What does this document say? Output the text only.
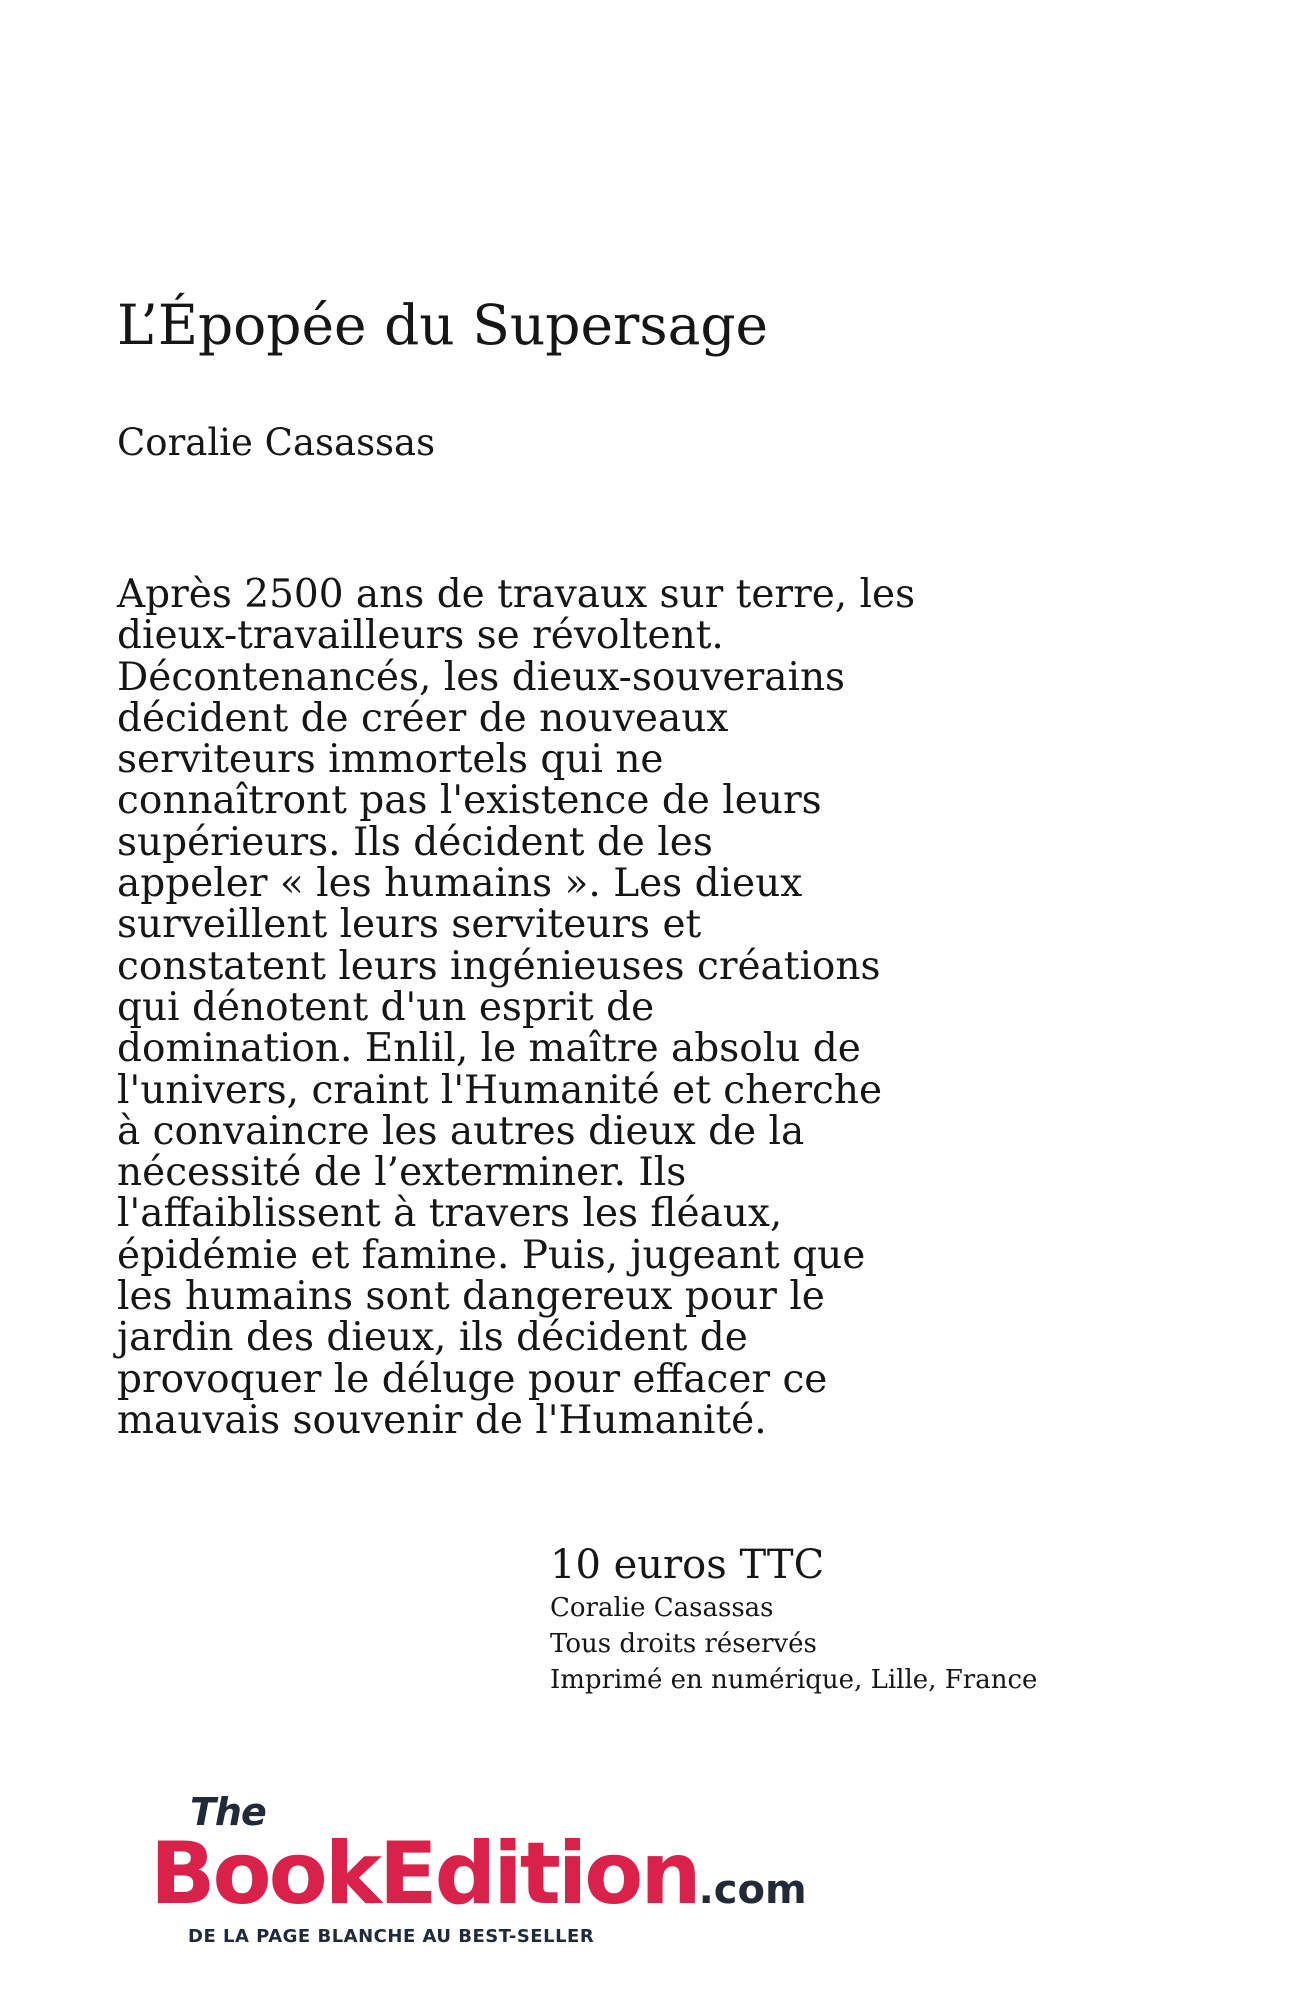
L’Épopée du Supersage
Coralie Casassas
Après 2500 ans de travaux sur terre, les
dieux-travailleurs se révoltent.
Décontenancés, les dieux-souverains
décident de créer de nouveaux
serviteurs immortels qui ne
connaîtront pas l'existence de leurs
supérieurs. Ils décident de les
appeler « les humains ». Les dieux
surveillent leurs serviteurs et
constatent leurs ingénieuses créations
qui dénotent d'un esprit de
domination. Enlil, le maître absolu de
l'univers, craint l'Humanité et cherche
à convaincre les autres dieux de la
nécessité de l’exterminer. Ils
l'affaiblissent à travers les fléaux,
épidémie et famine. Puis, jugeant que
les humains sont dangereux pour le
jardin des dieux, ils décident de
provoquer le déluge pour effacer ce
mauvais souvenir de l'Humanité.
10 euros TTC
Coralie Casassas
Tous droits réservés
Imprimé en numérique, Lille, France
The
BookEdition.com
DE LA PAGE BLANCHE AU BEST-SELLER
